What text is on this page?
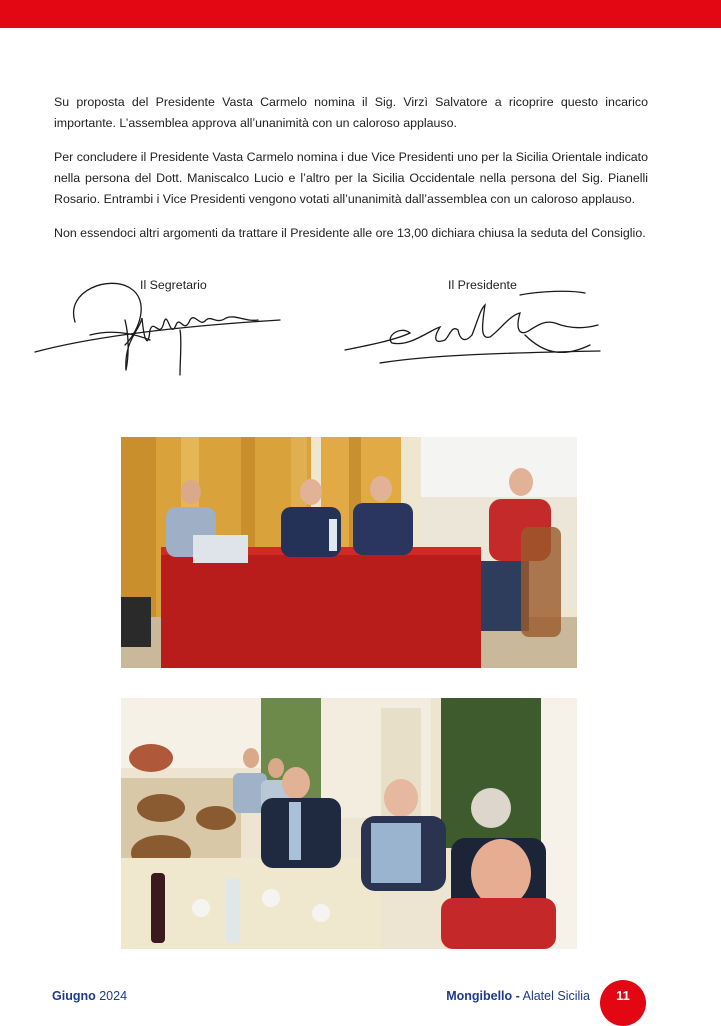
Su proposta del Presidente Vasta Carmelo nomina il Sig. Virzì Salvatore a ricoprire questo incarico importante. L’assemblea approva all’unanimità con un caloroso applauso.

Per concludere il Presidente Vasta Carmelo nomina i due Vice Presidenti uno per la Sicilia Orientale indicato nella persona del Dott. Maniscalco Lucio e l’altro per la Sicilia Occidentale nella persona del Sig. Pianelli Rosario. Entrambi i Vice Presidenti vengono votati all’unanimità dall’assemblea con un caloroso applauso.

Non essendoci altri argomenti da trattare il Presidente alle ore 13,00 dichiara chiusa la seduta del Consiglio.

Il Segretario	Il Presidente
Giugno 2024	Mongibello - Alatel Sicilia 11
